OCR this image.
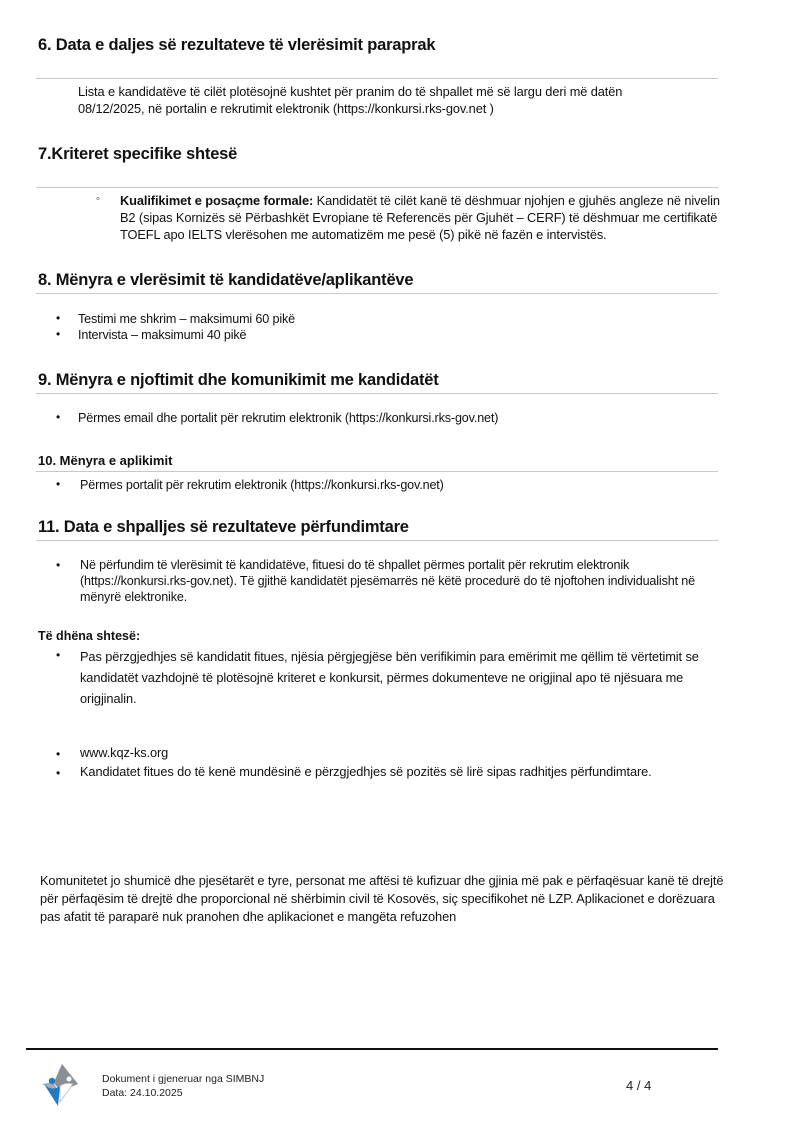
6. Data e daljes së rezultateve të vlerësimit paraprak
Lista e kandidatëve të cilët plotësojnë kushtet për pranim do të shpallet më së largu deri më datën 08/12/2025, në portalin e rekrutimit elektronik (https://konkursi.rks-gov.net )
7.Kriteret specifike shtesë
◦ Kualifikimet e posaçme formale: Kandidatët të cilët kanë të dëshmuar njohjen e gjuhës angleze në nivelin B2 (sipas Kornizës së Përbashkët Evropiane të Referencës për Gjuhët – CERF) të dëshmuar me certifikatë TOEFL apo IELTS vlerësohen me automatizëm me pesë (5) pikë në fazën e intervistës.
8. Mënyra e vlerësimit të kandidatëve/aplikantëve
• Testimi me shkrim – maksimumi 60 pikë
• Intervista – maksimumi 40 pikë
9. Mënyra e njoftimit dhe komunikimit me kandidatët
• Përmes email dhe portalit për rekrutim elektronik (https://konkursi.rks-gov.net)
10. Mënyra e aplikimit
• Përmes portalit për rekrutim elektronik (https://konkursi.rks-gov.net)
11. Data e shpalljes së rezultateve përfundimtare
• Në përfundim të vlerësimit të kandidatëve, fituesi do të shpallet përmes portalit për rekrutim elektronik (https://konkursi.rks-gov.net). Të gjithë kandidatët pjesëmarrës në këtë procedurë do të njoftohen individualisht në mënyrë elektronike.
Të dhëna shtesë:
• Pas përzgjedhjes së kandidatit fitues, njësia përgjegjëse bën verifikimin para emërimit me qëllim të vërtetimit se kandidatët vazhdojnë të plotësojnë kriteret e konkursit, përmes dokumenteve ne origjinal apo të njësuara me origjinalin.
• www.kqz-ks.org
• Kandidatet fitues do të kenë mundësinë e përzgjedhjes së pozitës së lirë sipas radhitjes përfundimtare.
Komunitetet jo shumicë dhe pjesëtarët e tyre, personat me aftësi të kufizuar dhe gjinia më pak e përfaqësuar kanë të drejtë për përfaqësim të drejtë dhe proporcional në shërbimin civil të Kosovës, siç specifikohet në LZP. Aplikacionet e dorëzuara pas afatit të paraparë nuk pranohen dhe aplikacionet e mangëta refuzohen
Dokument i gjeneruar nga SIMBNJ
Data: 24.10.2025	4 / 4
